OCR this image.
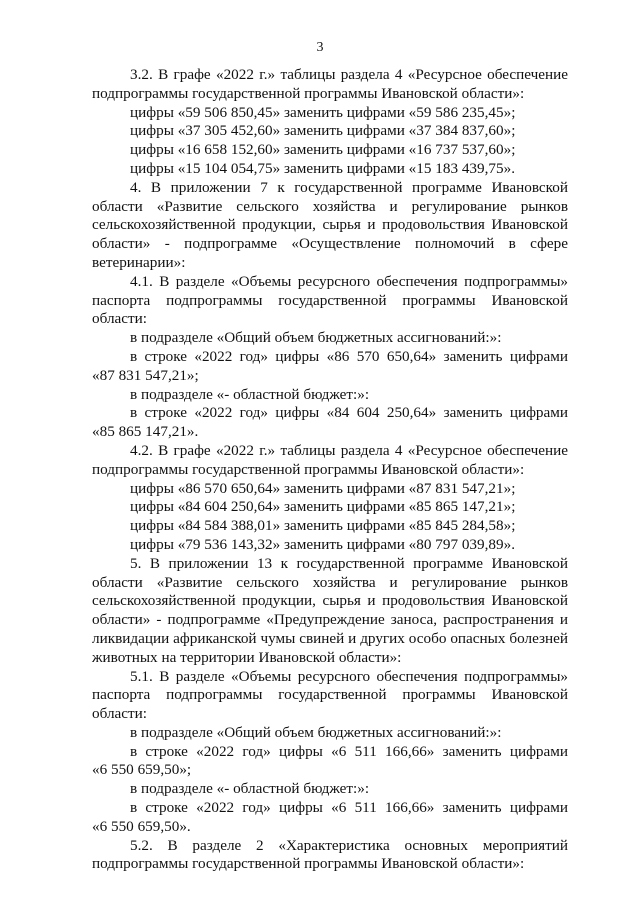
3

3.2. В графе «2022 г.» таблицы раздела 4 «Ресурсное обеспечение

подпрограммы государственной программы Ивановской области»:

цифры «59 506 850,45» заменить цифрами «59 586 235,45»;

цифры «37 305 452,60» заменить цифрами «37 384 837,60»;

цифры «16 658 152,60» заменить цифрами «16 737 537,60»;

цифры «15 104 054,75» заменить цифрами «15 183 439,75».

4. В приложении 7 к государственной программе Ивановской

области «Развитие сельского хозяйства и регулирование рынков

сельскохозяйственной продукции, сырья и продовольствия Ивановской

области» - подпрограмме «Осуществление полномочий в сфере

ветеринарии»:

4.1. В разделе «Объемы ресурсного обеспечения подпрограммы»

паспорта подпрограммы государственной программы Ивановской

области:

в подразделе «Общий объем бюджетных ассигнований:»:

в строке «2022 год» цифры «86 570 650,64» заменить цифрами

«87 831 547,21»;

в подразделе «- областной бюджет:»:

в строке «2022 год» цифры «84 604 250,64» заменить цифрами

«85 865 147,21».

4.2. В графе «2022 г.» таблицы раздела 4 «Ресурсное обеспечение

подпрограммы государственной программы Ивановской области»:

цифры «86 570 650,64» заменить цифрами «87 831 547,21»;

цифры «84 604 250,64» заменить цифрами «85 865 147,21»;

цифры «84 584 388,01» заменить цифрами «85 845 284,58»;

цифры «79 536 143,32» заменить цифрами «80 797 039,89».

5. В приложении 13 к государственной программе Ивановской

области «Развитие сельского хозяйства и регулирование рынков

сельскохозяйственной продукции, сырья и продовольствия Ивановской

области» - подпрограмме «Предупреждение заноса, распространения и

ликвидации африканской чумы свиней и других особо опасных болезней

животных на территории Ивановской области»:

5.1. В разделе «Объемы ресурсного обеспечения подпрограммы»

паспорта подпрограммы государственной программы Ивановской

области:

в подразделе «Общий объем бюджетных ассигнований:»:

в строке «2022 год» цифры «6 511 166,66» заменить цифрами

«6 550 659,50»;

в подразделе «- областной бюджет:»:

в строке «2022 год» цифры «6 511 166,66» заменить цифрами

«6 550 659,50».

5.2. В разделе 2 «Характеристика основных мероприятий

подпрограммы государственной программы Ивановской области»:
